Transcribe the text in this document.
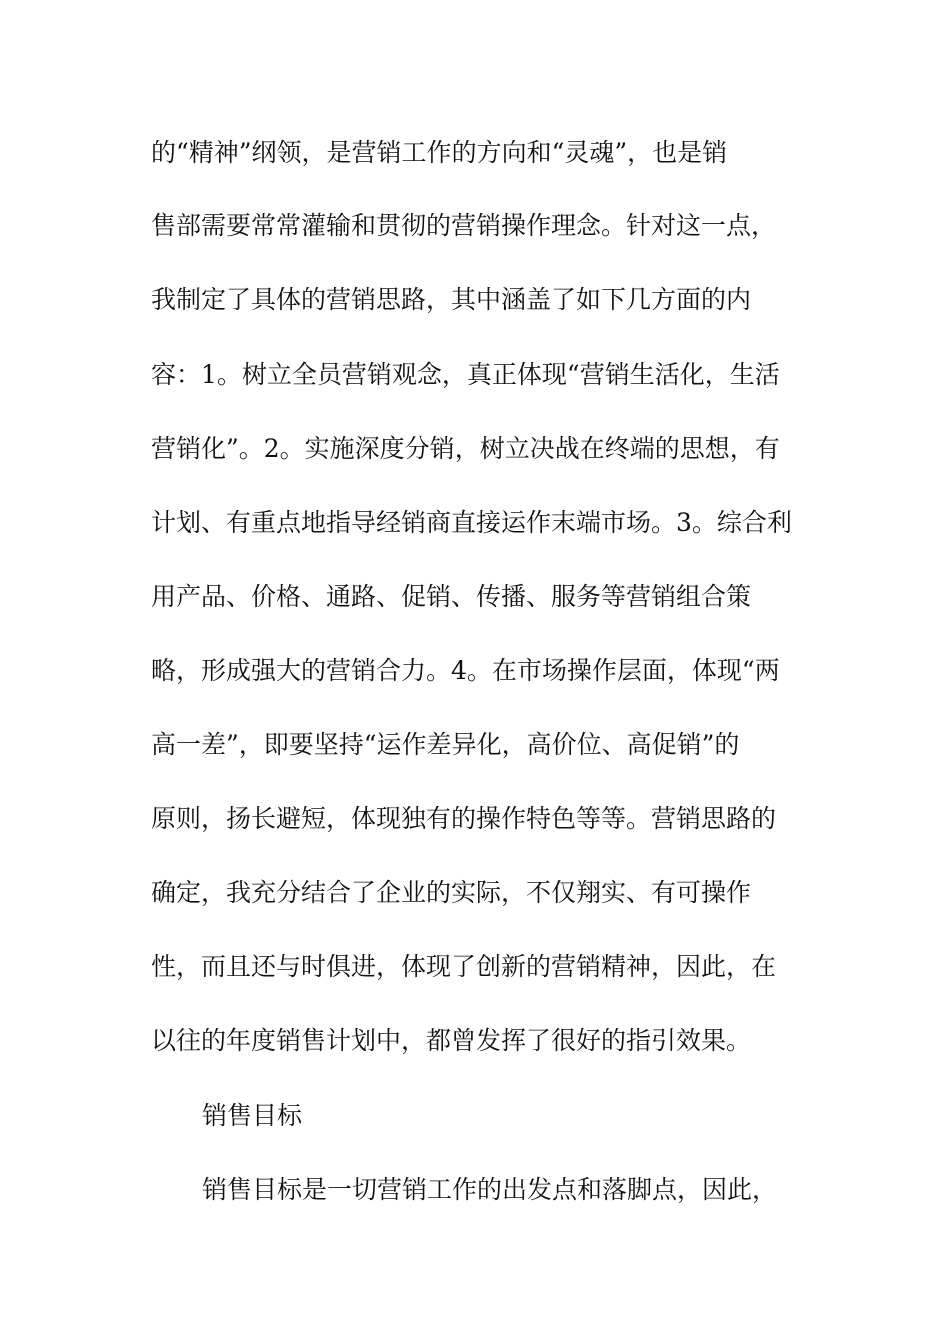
的“精神”纲领，是营销工作的方向和“灵魂”，也是销
售部需要常常灌输和贯彻的营销操作理念。针对这一点，
我制定了具体的营销思路，其中涵盖了如下几方面的内
容：1。树立全员营销观念，真正体现“营销生活化，生活
营销化”。2。实施深度分销，树立决战在终端的思想，有
计划、有重点地指导经销商直接运作末端市场。3。综合利
用产品、价格、通路、促销、传播、服务等营销组合策
略，形成强大的营销合力。4。在市场操作层面，体现“两
高一差”，即要坚持“运作差异化，高价位、高促销”的
原则，扬长避短，体现独有的操作特色等等。营销思路的
确定，我充分结合了企业的实际，不仅翔实、有可操作
性，而且还与时俱进，体现了创新的营销精神，因此，在
以往的年度销售计划中，都曾发挥了很好的指引效果。
销售目标
销售目标是一切营销工作的出发点和落脚点，因此，
